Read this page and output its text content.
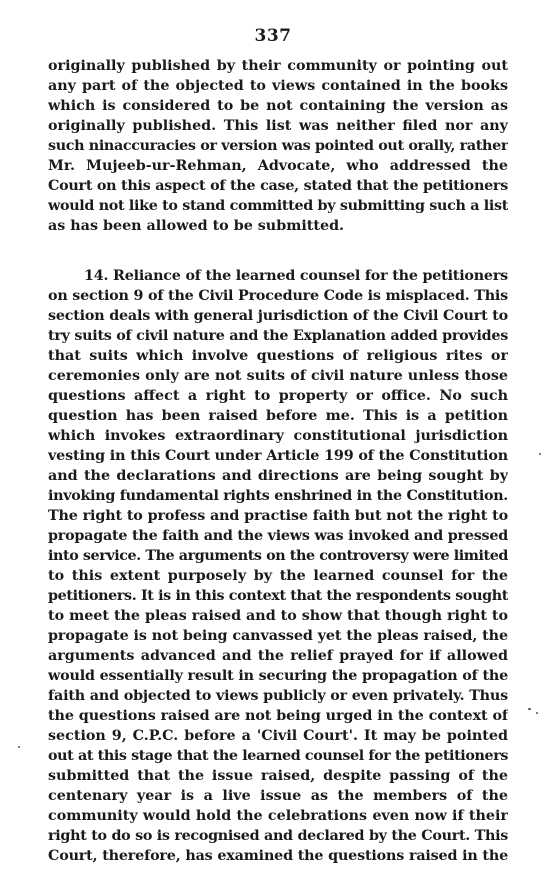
337
originally published by their community or pointing out
any part of the objected to views contained in the books
which is considered to be not containing the version as
originally published. This list was neither filed nor any
such ninaccuracies or version was pointed out orally, rather
Mr. Mujeeb-ur-Rehman, Advocate, who addressed the
Court on this aspect of the case, stated that the petitioners
would not like to stand committed by submitting such a list
as has been allowed to be submitted.
14. Reliance of the learned counsel for the petitioners
on section 9 of the Civil Procedure Code is misplaced. This
section deals with general jurisdiction of the Civil Court to
try suits of civil nature and the Explanation added provides
that suits which involve questions of religious rites or
ceremonies only are not suits of civil nature unless those
questions affect a right to property or office. No such
question has been raised before me. This is a petition
which invokes extraordinary constitutional jurisdiction
vesting in this Court under Article 199 of the Constitution
and the declarations and directions are being sought by
invoking fundamental rights enshrined in the Constitution.
The right to profess and practise faith but not the right to
propagate the faith and the views was invoked and pressed
into service. The arguments on the controversy were limited
to this extent purposely by the learned counsel for the
petitioners. It is in this context that the respondents sought
to meet the pleas raised and to show that though right to
propagate is not being canvassed yet the pleas raised, the
arguments advanced and the relief prayed for if allowed
would essentially result in securing the propagation of the
faith and objected to views publicly or even privately. Thus
the questions raised are not being urged in the context of
section 9, C.P.C. before a 'Civil Court'. It may be pointed
out at this stage that the learned counsel for the petitioners
submitted that the issue raised, despite passing of the
centenary year is a live issue as the members of the
community would hold the celebrations even now if their
right to do so is recognised and declared by the Court. This
Court, therefore, has examined the questions raised in the
